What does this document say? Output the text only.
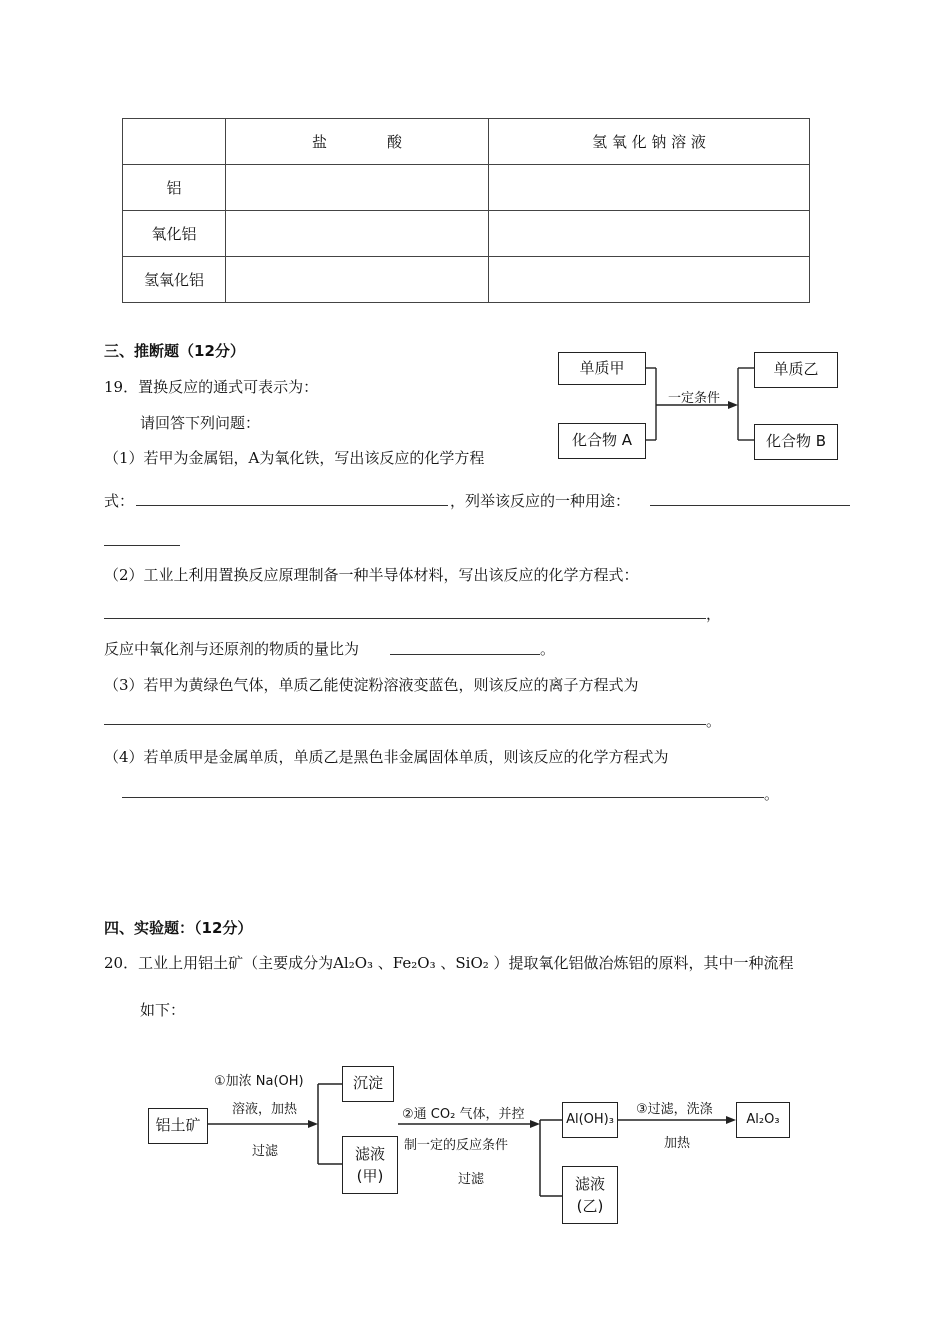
	盐　　　　酸	氢 氧 化 钠 溶 液
铝		
氧化铝		
氢氧化铝		
三、推断题（12分）
19．置换反应的通式可表示为：
请回答下列问题：
（1）若甲为金属铝，A为氧化铁，写出该反应的化学方程
式：	，列举该反应的一种用途：
（2）工业上利用置换反应原理制备一种半导体材料，写出该反应的化学方程式：
，
反应中氧化剂与还原剂的物质的量比为	。
（3）若甲为黄绿色气体，单质乙能使淀粉溶液变蓝色，则该反应的离子方程式为
。
（4）若单质甲是金属单质，单质乙是黑色非金属固体单质，则该反应的化学方程式为
。
单质甲
化合物 A
一定条件
单质乙
化合物 B
四、实验题：（12分）
20．工业上用铝土矿（主要成分为Al₂O₃ 、Fe₂O₃ 、SiO₂ ）提取氧化铝做冶炼铝的原料，其中一种流程
如下：
铝土矿
①加浓 Na(OH)
溶液，加热
过滤
沉淀
滤液
(甲)
②通 CO₂ 气体，并控
制一定的反应条件
过滤
Al(OH)₃
滤液
(乙)
③过滤，洗涤
加热
Al₂O₃
